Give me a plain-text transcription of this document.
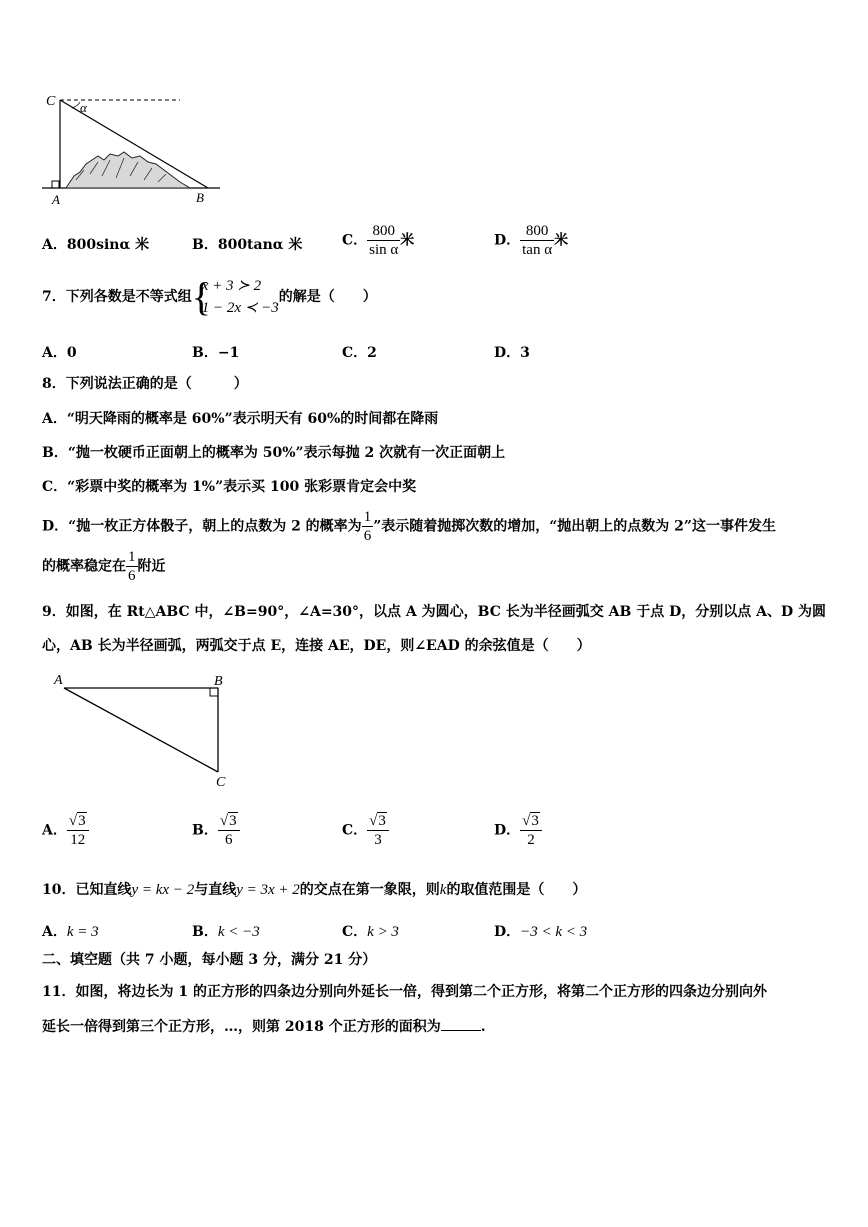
C α
A	B
A．800sinα 米	B．800tanα 米	C． $\frac{800}{\text{sin α}}$ 米	D． $\frac{800}{\text{tan α}}$ 米
7．下列各数是不等式组 {
x + 3 ≻ 2
1 − 2x ≺ −3
的解是（　　）
A．0	B．−1	C．2	D．3
8．下列说法正确的是（　　　）
A．“明天降雨的概率是 60%”表示明天有 60%的时间都在降雨
B．“抛一枚硬币正面朝上的概率为 50%”表示每抛 2 次就有一次正面朝上
C．“彩票中奖的概率为 1%”表示买 100 张彩票肯定会中奖
D．“抛一枚正方体骰子，朝上的点数为 2 的概率为 $\frac{1}{6}$ ”表示随着抛掷次数的增加，“抛出朝上的点数为 2”这一事件发生
的概率稳定在 $\frac{1}{6}$ 附近
9．如图，在 Rt△ABC 中，∠B=90°，∠A=30°，以点 A 为圆心，BC 长为半径画弧交 AB 于点 D，分别以点 A、D 为圆
心，AB 长为半径画弧，两弧交于点 E，连接 AE，DE，则∠EAD 的余弦值是（　　）
A	B
C
A． $\frac{√3}{12}$	B． $\frac{√3}{6}$	C． $\frac{√3}{3}$	D． $\frac{√3}{2}$
10．已知直线y = kx − 2与直线y = 3x + 2的交点在第一象限，则k的取值范围是（　　）
A．k = 3	B．k < −3	C．k > 3	D．−3 < k < 3
二、填空题（共 7 小题，每小题 3 分，满分 21 分）
11．如图，将边长为 1 的正方形的四条边分别向外延长一倍，得到第二个正方形，将第二个正方形的四条边分别向外
延长一倍得到第三个正方形，…，则第 2018 个正方形的面积为	.
